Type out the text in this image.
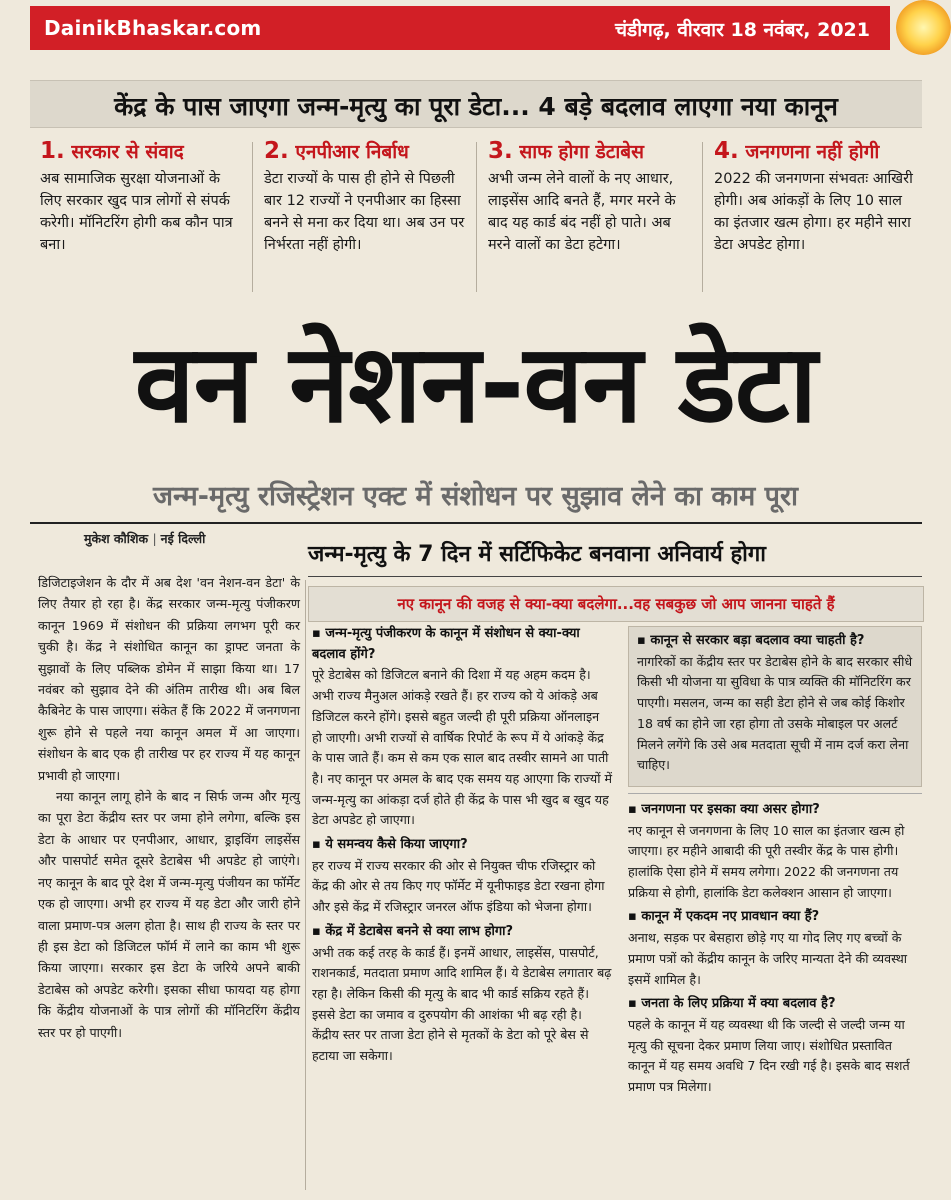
DainikBhaskar.com	चंडीगढ़, वीरवार 18 नवंबर, 2021
केंद्र के पास जाएगा जन्म-मृत्यु का पूरा डेटा... 4 बड़े बदलाव लाएगा नया कानून
1. सरकार से संवाद
अब सामाजिक सुरक्षा योजनाओं के लिए सरकार खुद पात्र लोगों से संपर्क करेगी। मॉनिटरिंग होगी कब कौन पात्र बना।
2. एनपीआर निर्बाध
डेटा राज्यों के पास ही होने से पिछली बार 12 राज्यों ने एनपीआर का हिस्सा बनने से मना कर दिया था। अब उन पर निर्भरता नहीं होगी।
3. साफ होगा डेटाबेस
अभी जन्म लेने वालों के नए आधार, लाइसेंस आदि बनते हैं, मगर मरने के बाद यह कार्ड बंद नहीं हो पाते। अब मरने वालों का डेटा हटेगा।
4. जनगणना नहीं होगी
2022 की जनगणना संभवतः आखिरी होगी। अब आंकड़ों के लिए 10 साल का इंतजार खत्म होगा। हर महीने सारा डेटा अपडेट होगा।
वन नेशन-वन डेटा
जन्म-मृत्यु रजिस्ट्रेशन एक्ट में संशोधन पर सुझाव लेने का काम पूरा
मुकेश कौशिक | नई दिल्ली
जन्म-मृत्यु के 7 दिन में सर्टिफिकेट बनवाना अनिवार्य होगा
नए कानून की वजह से क्या-क्या बदलेगा...वह सबकुछ जो आप जानना चाहते हैं

डिजिटाइजेशन के दौर में अब देश 'वन नेशन-वन डेटा' के लिए तैयार हो रहा है। केंद्र सरकार जन्म-मृत्यु पंजीकरण कानून 1969 में संशोधन की प्रक्रिया लगभग पूरी कर चुकी है। केंद्र ने संशोधित कानून का ड्राफ्ट जनता के सुझावों के लिए पब्लिक डोमेन में साझा किया था। 17 नवंबर को सुझाव देने की अंतिम तारीख थी। अब बिल कैबिनेट के पास जाएगा। संकेत हैं कि 2022 में जनगणना शुरू होने से पहले नया कानून अमल में आ जाएगा। संशोधन के बाद एक ही तारीख पर हर राज्य में यह कानून प्रभावी हो जाएगा।

नया कानून लागू होने के बाद न सिर्फ जन्म और मृत्यु का पूरा डेटा केंद्रीय स्तर पर जमा होने लगेगा, बल्कि इस डेटा के आधार पर एनपीआर, आधार, ड्राइविंग लाइसेंस और पासपोर्ट समेत दूसरे डेटाबेस भी अपडेट हो जाएंगे। नए कानून के बाद पूरे देश में जन्म-मृत्यु पंजीयन का फॉर्मेट एक हो जाएगा। अभी हर राज्य में यह डेटा और जारी होने वाला प्रमाण-पत्र अलग होता है। साथ ही राज्य के स्तर पर ही इस डेटा को डिजिटल फॉर्म में लाने का काम भी शुरू किया जाएगा। सरकार इस डेटा के जरिये अपने बाकी डेटाबेस को अपडेट करेगी। इसका सीधा फायदा यह होगा कि केंद्रीय योजनाओं के पात्र लोगों की मॉनिटरिंग केंद्रीय स्तर पर हो पाएगी।

▪ जन्म-मृत्यु पंजीकरण के कानून में संशोधन से क्या-क्या बदलाव होंगे?
पूरे डेटाबेस को डिजिटल बनाने की दिशा में यह अहम कदम है। अभी राज्य मैनुअल आंकड़े रखते हैं। हर राज्य को ये आंकड़े अब डिजिटल करने होंगे। इससे बहुत जल्दी ही पूरी प्रक्रिया ऑनलाइन हो जाएगी। अभी राज्यों से वार्षिक रिपोर्ट के रूप में ये आंकड़े केंद्र के पास जाते हैं। कम से कम एक साल बाद तस्वीर सामने आ पाती है। नए कानून पर अमल के बाद एक समय यह आएगा कि राज्यों में जन्म-मृत्यु का आंकड़ा दर्ज होते ही केंद्र के पास भी खुद ब खुद यह डेटा अपडेट हो जाएगा।
▪ ये समन्वय कैसे किया जाएगा?
हर राज्य में राज्य सरकार की ओर से नियुक्त चीफ रजिस्ट्रार को केंद्र की ओर से तय किए गए फॉर्मेट में यूनीफाइड डेटा रखना होगा और इसे केंद्र में रजिस्ट्रार जनरल ऑफ इंडिया को भेजना होगा।
▪ केंद्र में डेटाबेस बनने से क्या लाभ होगा?
अभी तक कई तरह के कार्ड हैं। इनमें आधार, लाइसेंस, पासपोर्ट, राशनकार्ड, मतदाता प्रमाण आदि शामिल हैं। ये डेटाबेस लगातार बढ़ रहा है। लेकिन किसी की मृत्यु के बाद भी कार्ड सक्रिय रहते हैं। इससे डेटा का जमाव व दुरुपयोग की आशंका भी बढ़ रही है। केंद्रीय स्तर पर ताजा डेटा होने से मृतकों के डेटा को पूरे बेस से हटाया जा सकेगा।
▪ कानून से सरकार बड़ा बदलाव क्या चाहती है?
नागरिकों का केंद्रीय स्तर पर डेटाबेस होने के बाद सरकार सीधे किसी भी योजना या सुविधा के पात्र व्यक्ति की मॉनिटरिंग कर पाएगी। मसलन, जन्म का सही डेटा होने से जब कोई किशोर 18 वर्ष का होने जा रहा होगा तो उसके मोबाइल पर अलर्ट मिलने लगेंगे कि उसे अब मतदाता सूची में नाम दर्ज करा लेना चाहिए।
▪ जनगणना पर इसका क्या असर होगा?
नए कानून से जनगणना के लिए 10 साल का इंतजार खत्म हो जाएगा। हर महीने आबादी की पूरी तस्वीर केंद्र के पास होगी। हालांकि ऐसा होने में समय लगेगा। 2022 की जनगणना तय प्रक्रिया से होगी, हालांकि डेटा कलेक्शन आसान हो जाएगा।
▪ कानून में एकदम नए प्रावधान क्या हैं?
अनाथ, सड़क पर बेसहारा छोड़े गए या गोद लिए गए बच्चों के प्रमाण पत्रों को केंद्रीय कानून के जरिए मान्यता देने की व्यवस्था इसमें शामिल है।
▪ जनता के लिए प्रक्रिया में क्या बदलाव है?
पहले के कानून में यह व्यवस्था थी कि जल्दी से जल्दी जन्म या मृत्यु की सूचना देकर प्रमाण लिया जाए। संशोधित प्रस्तावित कानून में यह समय अवधि 7 दिन रखी गई है। इसके बाद सशर्त प्रमाण पत्र मिलेगा।
